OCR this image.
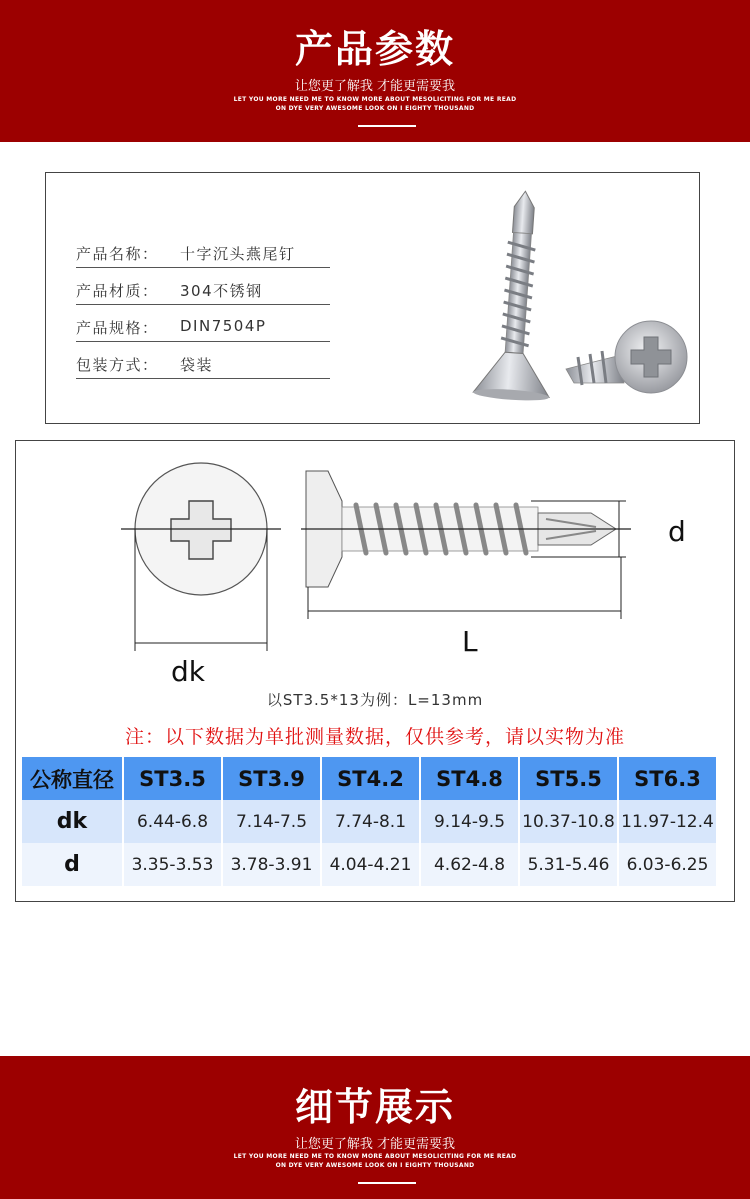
产品参数
让您更了解我 才能更需要我
LET YOU MORE NEED ME TO KNOW MORE ABOUT MESOLICITING FOR ME READ
ON DYE VERY AWESOME LOOK ON I EIGHTY THOUSAND
产品名称： 十字沉头燕尾钉
产品材质： 304不锈钢
产品规格： DIN7504P
包装方式： 袋装
dk
d
L
以ST3.5*13为例：L=13mm
注：以下数据为单批测量数据，仅供参考，请以实物为准
公称直径	ST3.5	ST3.9	ST4.2	ST4.8	ST5.5	ST6.3
dk	6.44-6.8	7.14-7.5	7.74-8.1	9.14-9.5	10.37-10.8	11.97-12.4
d	3.35-3.53	3.78-3.91	4.04-4.21	4.62-4.8	5.31-5.46	6.03-6.25
细节展示
让您更了解我 才能更需要我
LET YOU MORE NEED ME TO KNOW MORE ABOUT MESOLICITING FOR ME READ
ON DYE VERY AWESOME LOOK ON I EIGHTY THOUSAND
